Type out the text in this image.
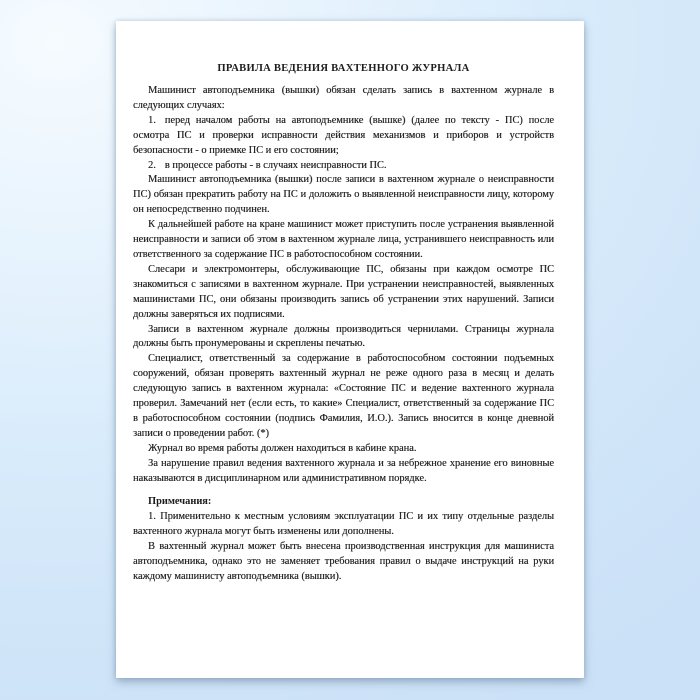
ПРАВИЛА ВЕДЕНИЯ ВАХТЕННОГО ЖУРНАЛА

Машинист автоподъемника (вышки) обязан сделать запись в вахтенном журнале в следующих случаях:

1. перед началом работы на автоподъемнике (вышке) (далее по тексту - ПС) после осмотра ПС и проверки исправности действия механизмов и приборов и устройств безопасности - о приемке ПС и его состоянии;

2. в процессе работы - в случаях неисправности ПС.

Машинист автоподъемника (вышки) после записи в вахтенном журнале о неисправности ПС) обязан прекратить работу на ПС и доложить о выявленной неисправности лицу, которому он непосредственно подчинен.

К дальнейшей работе на кране машинист может приступить после устранения выявленной неисправности и записи об этом в вахтенном журнале лица, устранившего неисправность или ответственного за содержание ПС в работоспособном состоянии.

Слесари и электромонтеры, обслуживающие ПС, обязаны при каждом осмотре ПС знакомиться с записями в вахтенном журнале. При устранении неисправностей, выявленных машинистами ПС, они обязаны производить запись об устранении этих нарушений. Записи должны заверяться их подписями.

Записи в вахтенном журнале должны производиться чернилами. Страницы журнала должны быть пронумерованы и скреплены печатью.

Специалист, ответственный за содержание в работоспособном состоянии подъемных сооружений, обязан проверять вахтенный журнал не реже одного раза в месяц и делать следующую запись в вахтенном журнала: «Состояние ПС и ведение вахтенного журнала проверил. Замечаний нет (если есть, то какие» Специалист, ответственный за содержание ПС в работоспособном состоянии (подпись Фамилия, И.О.). Запись вносится в конце дневной записи о проведении работ. (*)

Журнал во время работы должен находиться в кабине крана.

За нарушение правил ведения вахтенного журнала и за небрежное хранение его виновные наказываются в дисциплинарном или административном порядке.

Примечания:

1. Применительно к местным условиям эксплуатации ПС и их типу отдельные разделы вахтенного журнала могут быть изменены или дополнены.

В вахтенный журнал может быть внесена производственная инструкция для машиниста автоподъемника, однако это не заменяет требования правил о выдаче инструкций на руки каждому машинисту автоподъемника (вышки).
